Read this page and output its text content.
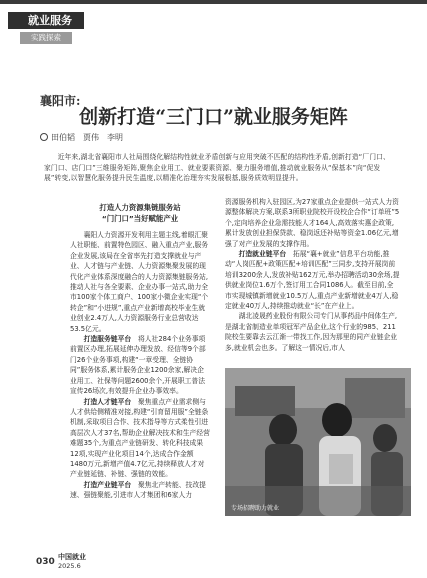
就业服务
实践探索
襄阳市:
创新打造“三门口”就业服务矩阵
田伯韬　贾伟　李明
近年来,湖北省襄阳市人社局围绕化解结构性就业矛盾创新与应用突破不匹配的结构性矛盾,创新打造“厂门口、家门口、店门口”三维服务矩阵,聚焦企业用工、就业要素资源、聚力服务增值,推动就业服务从“保基本”向“促发展”转变,以智慧化服务提升民生温度,以精准化治理夯实发展根基,服务质效明显提升。

打造人力资源集链服务站

“门门口”当好赋能产业

襄阳人力资源开发利用主题主线,着眼汇聚人社职能、前置特色园区、融入重点产业,服务企业发展,该局在全省率先打造支撑就业与产业、人才链与产业链、人力资源集聚发展的现代化产业体系深度融合的人力资源集链服务站,推动人社与各全要素、企业办事一站式,助力全市100家个体工商户、100家小微企业实现“个转企”和“小进规”,重点产业新增高校毕业生就业创业2.4万人,人力资源服务行业总营收达53.5亿元。

打造服务链平台　 将人社284个业务事项前置区办理,拓展延伸办理发放、经信等9个部门26个业务事项,构建“一章受理、全链协同”服务体系,累计服务企业1200余家,解决企业用工、社保等问题2600余个,开展职工普法宣传26场次,有效提升企业办事效率。

打造人才链平台　 聚焦重点产业需求侧与人才供给侧精准对接,构建“引育留用服”全链条机制,采取项目合作、技术指导等方式柔性引进高层次人才37名,帮助企业解决技术和生产经营难题35个,为重点产业链研发、转化科技成果12项,实现产业化项目14个,达成合作金额1480万元,新增产值4.7亿元,持续释放人才对产业链延链、补链、强链的效能。

打造产业链平台　 聚焦北产转能、技改提速、强链聚能,引进市人才集团和6家人力

资源服务机构入驻园区,为27家重点企业提供一站式人力资源整体解决方案,联系3所职业院校开设校企合作“订单班”5个,定向培养企业急需技能人才164人,高效落实惠企政策,累计发放创业担保贷款、稳岗返还补贴等资金1.06亿元,增强了对产业发展的支撑作用。

打造就业链平台　 拓展“襄+就业”信息平台功能,推动“人岗匹配+政策匹配+培训匹配”三同步,支持开展岗前培训3200余人,发放补贴162万元,举办招聘活动30余场,提供就业岗位1.6万个,签订用工合同1086人。截至目前,全市实现城镇新增就业10.5万人,重点产业新增就业4万人,稳定就业40万人,持续推动就业“长”在产业上。

湖北凌晟药业股份有限公司专门从事药品中间体生产,是湖北省制造业单项冠军产品企业,这个行业的985、211院校生要靠去云江渐一带找工作,因为那里的同产业链企业多,就业机会也多。了解这一情况后,市人

专场招聘助力就业
030 中国就业
2025.6
